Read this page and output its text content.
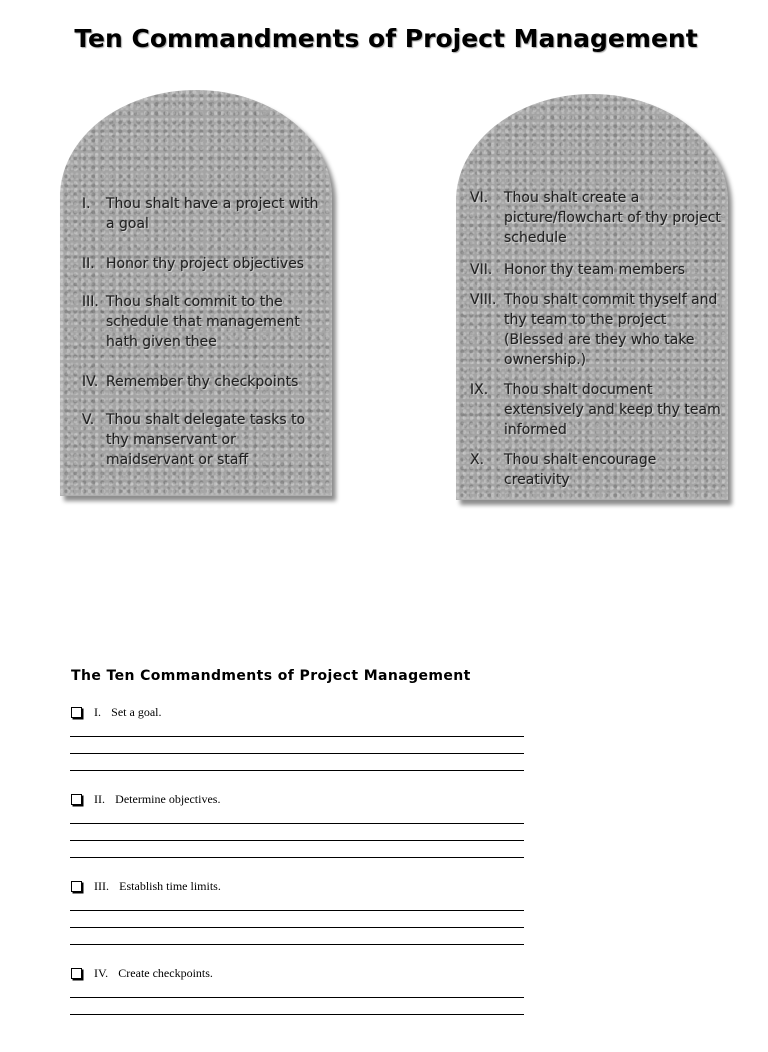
Ten Commandments of Project Management
I.	Thou shalt have a project with a goal
II. Honor thy project objectives
III. Thou shalt commit to the schedule that management hath given thee
IV. Remember thy checkpoints
V. Thou shalt delegate tasks to thy manservant or maidservant or staff
VI.	Thou shalt create a picture/flowchart of thy project schedule
VII. Honor thy team members
VIII. Thou shalt commit thyself and thy team to the project (Blessed are they who take ownership.)
IX.	Thou shalt document extensively and keep thy team informed
X.	Thou shalt encourage creativity
The Ten Commandments of Project Management
I.
Set a goal.
II.
Determine objectives.
III.
Establish time limits.
IV.
Create checkpoints.
